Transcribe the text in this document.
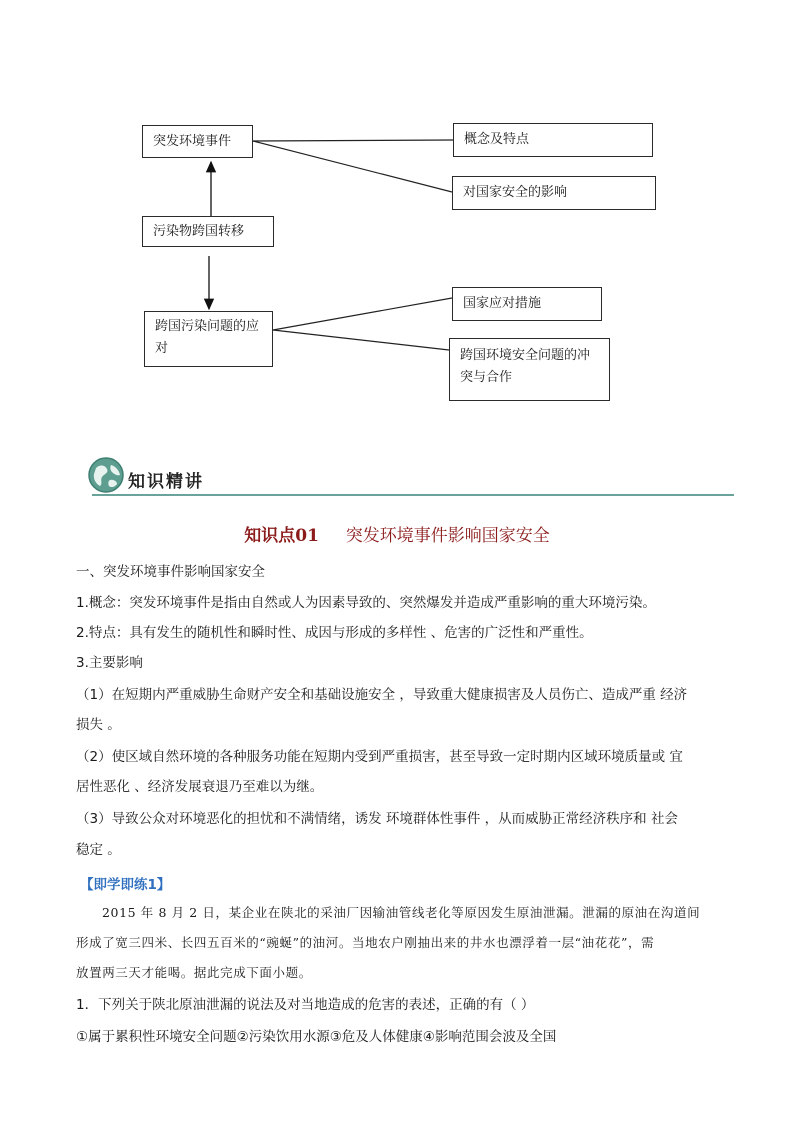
突发环境事件	概念及特点
对国家安全的影响
污染物跨国转移
跨国污染问题的应
对
国家应对措施
跨国环境安全问题的冲
突与合作
知识精讲
知识点01 突发环境事件影响国家安全
一、突发环境事件影响国家安全
1.概念：突发环境事件是指由自然或人为因素导致的、突然爆发并造成严重影响的重大环境污染。
2.特点：具有发生的随机性和瞬时性、成因与形成的多样性 、危害的广泛性和严重性。
3.主要影响
（1）在短期内严重威胁生命财产安全和基础设施安全 ，导致重大健康损害及人员伤亡、造成严重 经济
损失 。
（2）使区域自然环境的各种服务功能在短期内受到严重损害，甚至导致一定时期内区域环境质量或 宜
居性恶化 、经济发展衰退乃至难以为继。
（3）导致公众对环境恶化的担忧和不满情绪，诱发 环境群体性事件 ，从而威胁正常经济秩序和 社会
稳定 。
【即学即练1】
2015 年 8 月 2 日，某企业在陕北的采油厂因输油管线老化等原因发生原油泄漏。泄漏的原油在沟道间
形成了宽三四米、长四五百米的“豌蜒”的油河。当地农户刚抽出来的井水也漂浮着一层“油花花”，需
放置两三天才能喝。据此完成下面小题。
1．下列关于陕北原油泄漏的说法及对当地造成的危害的表述，正确的有（ ）
①属于累积性环境安全问题②污染饮用水源③危及人体健康④影响范围会波及全国
